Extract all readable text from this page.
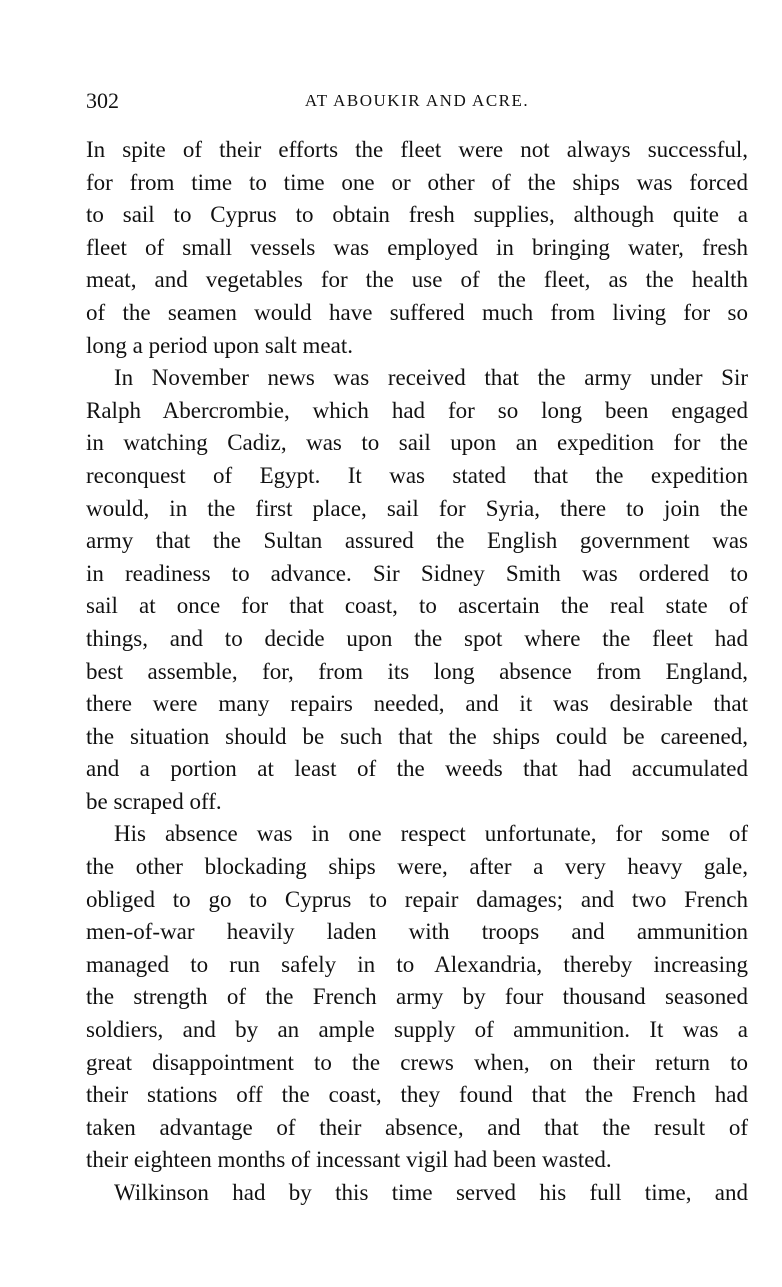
302	AT ABOUKIR AND ACRE.
In spite of their efforts the fleet were not always successful,
for from time to time one or other of the ships was forced
to sail to Cyprus to obtain fresh supplies, although quite a
fleet of small vessels was employed in bringing water, fresh
meat, and vegetables for the use of the fleet, as the health
of the seamen would have suffered much from living for so
long a period upon salt meat.
In November news was received that the army under Sir
Ralph Abercrombie, which had for so long been engaged
in watching Cadiz, was to sail upon an expedition for the
reconquest of Egypt. It was stated that the expedition
would, in the first place, sail for Syria, there to join the
army that the Sultan assured the English government was
in readiness to advance. Sir Sidney Smith was ordered to
sail at once for that coast, to ascertain the real state of
things, and to decide upon the spot where the fleet had
best assemble, for, from its long absence from England,
there were many repairs needed, and it was desirable that
the situation should be such that the ships could be careened,
and a portion at least of the weeds that had accumulated
be scraped off.
His absence was in one respect unfortunate, for some of
the other blockading ships were, after a very heavy gale,
obliged to go to Cyprus to repair damages; and two French
men-of-war heavily laden with troops and ammunition
managed to run safely in to Alexandria, thereby increasing
the strength of the French army by four thousand seasoned
soldiers, and by an ample supply of ammunition. It was a
great disappointment to the crews when, on their return to
their stations off the coast, they found that the French had
taken advantage of their absence, and that the result of
their eighteen months of incessant vigil had been wasted.
Wilkinson had by this time served his full time, and
